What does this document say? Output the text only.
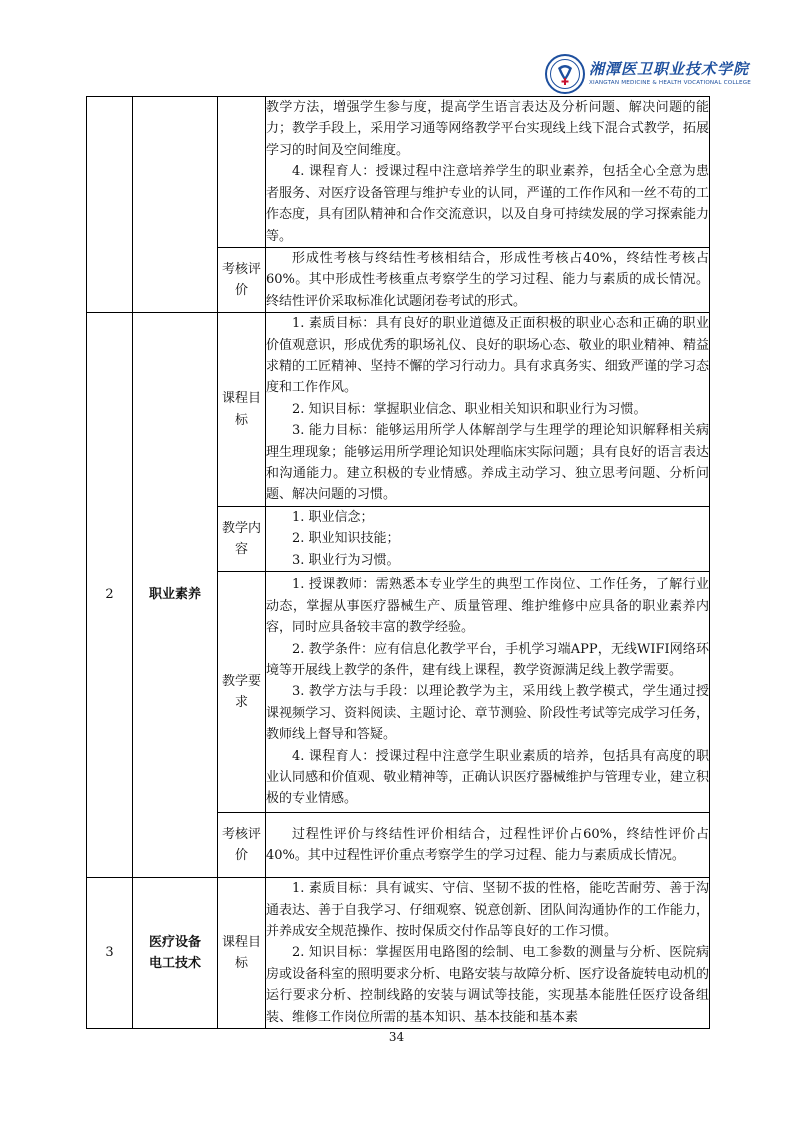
湘潭医卫职业技术学院
XIANGTAN MEDICINE & HEALTH VOCATIONAL COLLEGE

			教学方法，增强学生参与度，提高学生语言表达及分析问题、解决问题的能力；教学手段上，采用学习通等网络教学平台实现线上线下混合式教学，拓展学习的时间及空间维度。

4. 课程育人：授课过程中注意培养学生的职业素养，包括全心全意为患者服务、对医疗设备管理与维护专业的认同，严谨的工作作风和一丝不苟的工作态度，具有团队精神和合作交流意识，以及自身可持续发展的学习探索能力等。

		考核评价	形成性考核与终结性考核相结合，形成性考核占40%，终结性考核占60%。其中形成性考核重点考察学生的学习过程、能力与素质的成长情况。终结性评价采取标准化试题闭卷考试的形式。

2	职业素养	课程目标	1. 素质目标：具有良好的职业道德及正面积极的职业心态和正确的职业价值观意识，形成优秀的职场礼仪、良好的职场心态、敬业的职业精神、精益求精的工匠精神、坚持不懈的学习行动力。具有求真务实、细致严谨的学习态度和工作作风。

2. 知识目标：掌握职业信念、职业相关知识和职业行为习惯。

3. 能力目标：能够运用所学人体解剖学与生理学的理论知识解释相关病理生理现象；能够运用所学理论知识处理临床实际问题；具有良好的语言表达和沟通能力。建立积极的专业情感。养成主动学习、独立思考问题、分析问题、解决问题的习惯。

		教学内容	1. 职业信念；

2. 职业知识技能；

3. 职业行为习惯。

		教学要求	1. 授课教师：需熟悉本专业学生的典型工作岗位、工作任务，了解行业动态，掌握从事医疗器械生产、质量管理、维护维修中应具备的职业素养内容，同时应具备较丰富的教学经验。

2. 教学条件：应有信息化教学平台，手机学习端APP，无线WIFI网络环境等开展线上教学的条件，建有线上课程，教学资源满足线上教学需要。

3. 教学方法与手段：以理论教学为主，采用线上教学模式，学生通过授课视频学习、资料阅读、主题讨论、章节测验、阶段性考试等完成学习任务，教师线上督导和答疑。

4. 课程育人：授课过程中注意学生职业素质的培养，包括具有高度的职业认同感和价值观、敬业精神等，正确认识医疗器械维护与管理专业，建立积极的专业情感。

		考核评价	过程性评价与终结性评价相结合，过程性评价占60%，终结性评价占40%。其中过程性评价重点考察学生的学习过程、能力与素质成长情况。

3	医疗设备电工技术	课程目标	1. 素质目标：具有诚实、守信、坚韧不拔的性格，能吃苦耐劳、善于沟通表达、善于自我学习、仔细观察、锐意创新、团队间沟通协作的工作能力，并养成安全规范操作、按时保质交付作品等良好的工作习惯。

2. 知识目标：掌握医用电路图的绘制、电工参数的测量与分析、医院病房或设备科室的照明要求分析、电路安装与故障分析、医疗设备旋转电动机的运行要求分析、控制线路的安装与调试等技能，实现基本能胜任医疗设备组装、维修工作岗位所需的基本知识、基本技能和基本素

34
